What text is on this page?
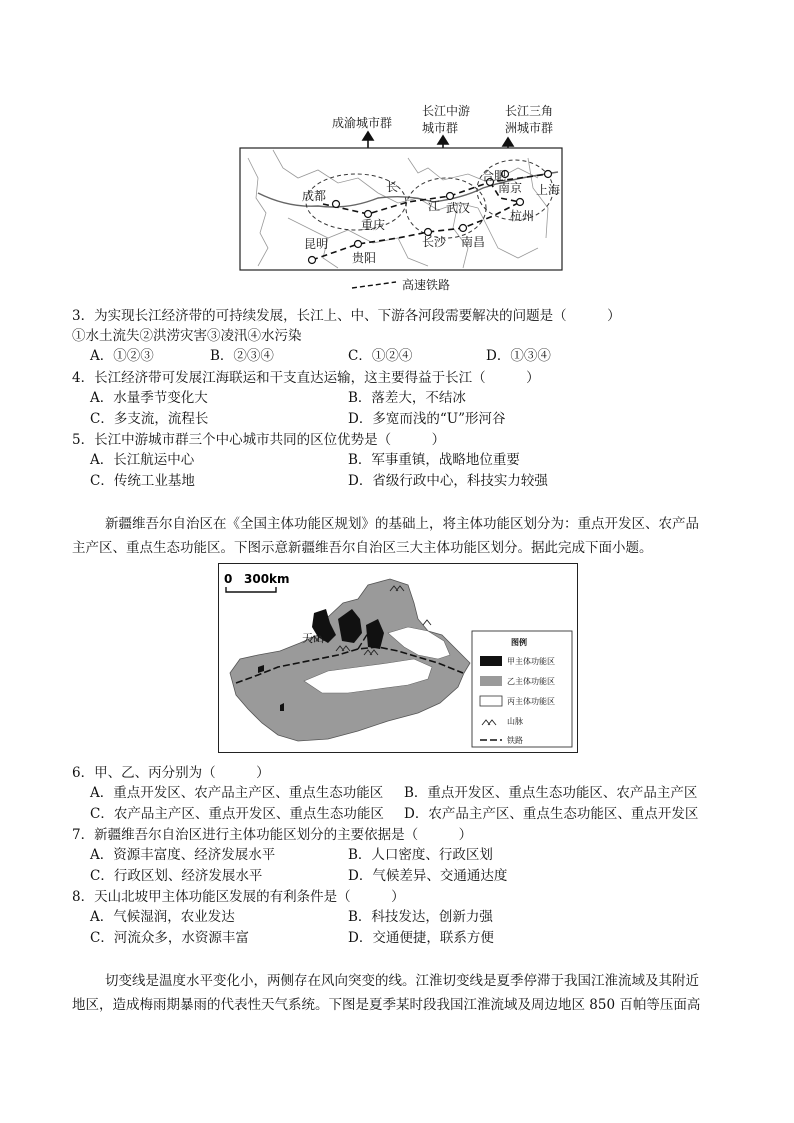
成渝城市群
长江中游
城市群
长江三角
洲城市群
成都
重庆
昆明
贵阳
长沙 南昌
武汉
合肥
南京 上海
杭州
长
江
高速铁路
3．为实现长江经济带的可持续发展，长江上、中、下游各河段需要解决的问题是（　　　）
①水土流失②洪涝灾害③凌汛④水污染
A．①②③	B．②③④	C．①②④	D．①③④
4．长江经济带可发展江海联运和干支直达运输，这主要得益于长江（　　　）
A．水量季节变化大	B．落差大，不结冰
C．多支流，流程长	D．多宽而浅的“U”形河谷
5．长江中游城市群三个中心城市共同的区位优势是（　　　）
A．长江航运中心	B．军事重镇，战略地位重要
C．传统工业基地	D．省级行政中心，科技实力较强
新疆维吾尔自治区在《全国主体功能区规划》的基础上，将主体功能区划分为：重点开发区、农产品
主产区、重点生态功能区。下图示意新疆维吾尔自治区三大主体功能区划分。据此完成下面小题。
0 300km
天山	图例
甲主体功能区
乙主体功能区
丙主体功能区
山脉
铁路
6．甲、乙、丙分别为（　　　）
A．重点开发区、农产品主产区、重点生态功能区 B．重点开发区、重点生态功能区、农产品主产区
C．农产品主产区、重点开发区、重点生态功能区 D．农产品主产区、重点生态功能区、重点开发区
7．新疆维吾尔自治区进行主体功能区划分的主要依据是（　　　）
A．资源丰富度、经济发展水平	B．人口密度、行政区划
C．行政区划、经济发展水平	D．气候差异、交通通达度
8．天山北坡甲主体功能区发展的有利条件是（　　　）
A．气候湿润，农业发达	B．科技发达，创新力强
C．河流众多，水资源丰富	D．交通便捷，联系方便
切变线是温度水平变化小，两侧存在风向突变的线。江淮切变线是夏季停滞于我国江淮流域及其附近
地区，造成梅雨期暴雨的代表性天气系统。下图是夏季某时段我国江淮流域及周边地区 850 百帕等压面高
